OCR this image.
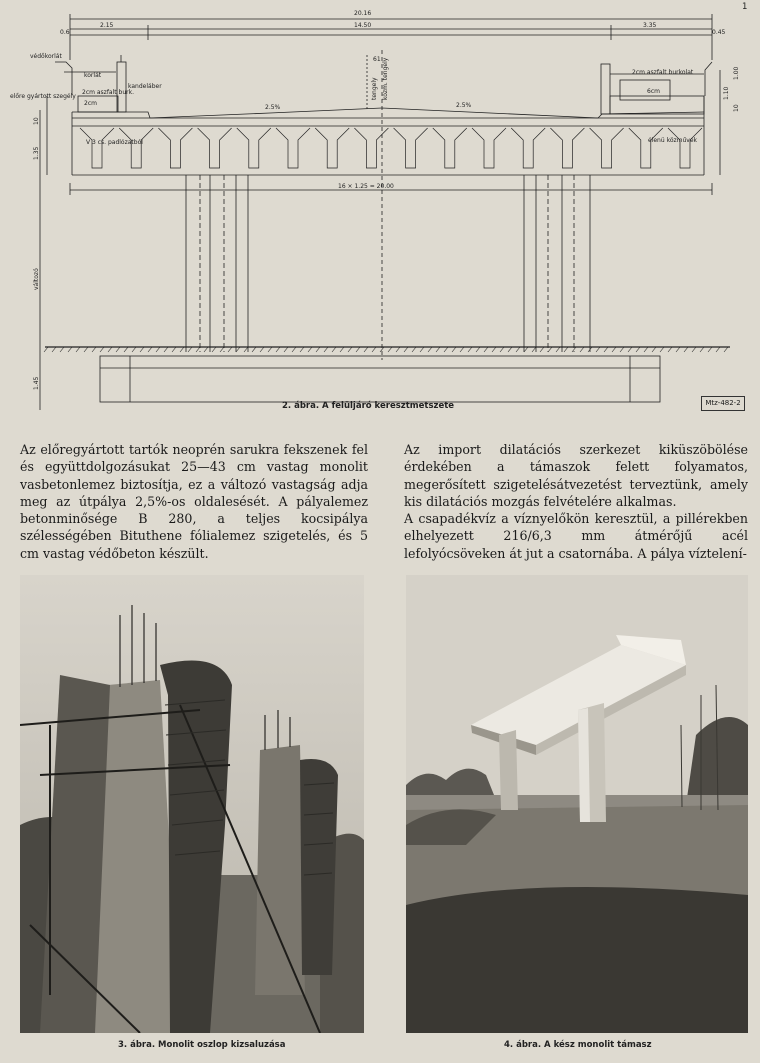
20.16
2.15	14.50	3.35
0.6	0.45
61
16 × 1.25 = 20.00
védőkorlát
korlát
kandeláber
előre gyártott szegély
2cm aszfalt burk.
2cm
2cm aszfalt burkolat
2.5%	2.5%
6cm
V 3 cs. padlózatból	élenü közművek
tengely közm. tengely
változó
1.45
1.35
10
1.10
1.00
10
Mtz-482-2
2. ábra. A felüljáró keresztmetszete
1
Az előregyártott tartók neoprén sarukra fekszenek fel és együttdolgozásukat 25—43 cm vastag monolit vasbetonlemez biztosítja, ez a változó vastagság adja meg az útpálya 2,5%-os oldalesését. A pályalemez betonminősége B 280, a teljes kocsipálya szélességében Bituthene fólialemez szigetelés, és 5 cm vastag védőbeton készült.
Az import dilatációs szerkezet kiküszöbölése érdekében a támaszok felett folyamatos, megerősített szigetelésátvezetést terveztünk, amely kis dilatációs mozgás felvételére alkalmas.
A csapadékvíz a víznyelőkön keresztül, a pillérekben elhelyezett 216/6,3 mm átmérőjű acél lefolyócsöveken át jut a csatornába. A pálya víztelení-
3. ábra. Monolit oszlop kizsaluzása	4. ábra. A kész monolit támasz
